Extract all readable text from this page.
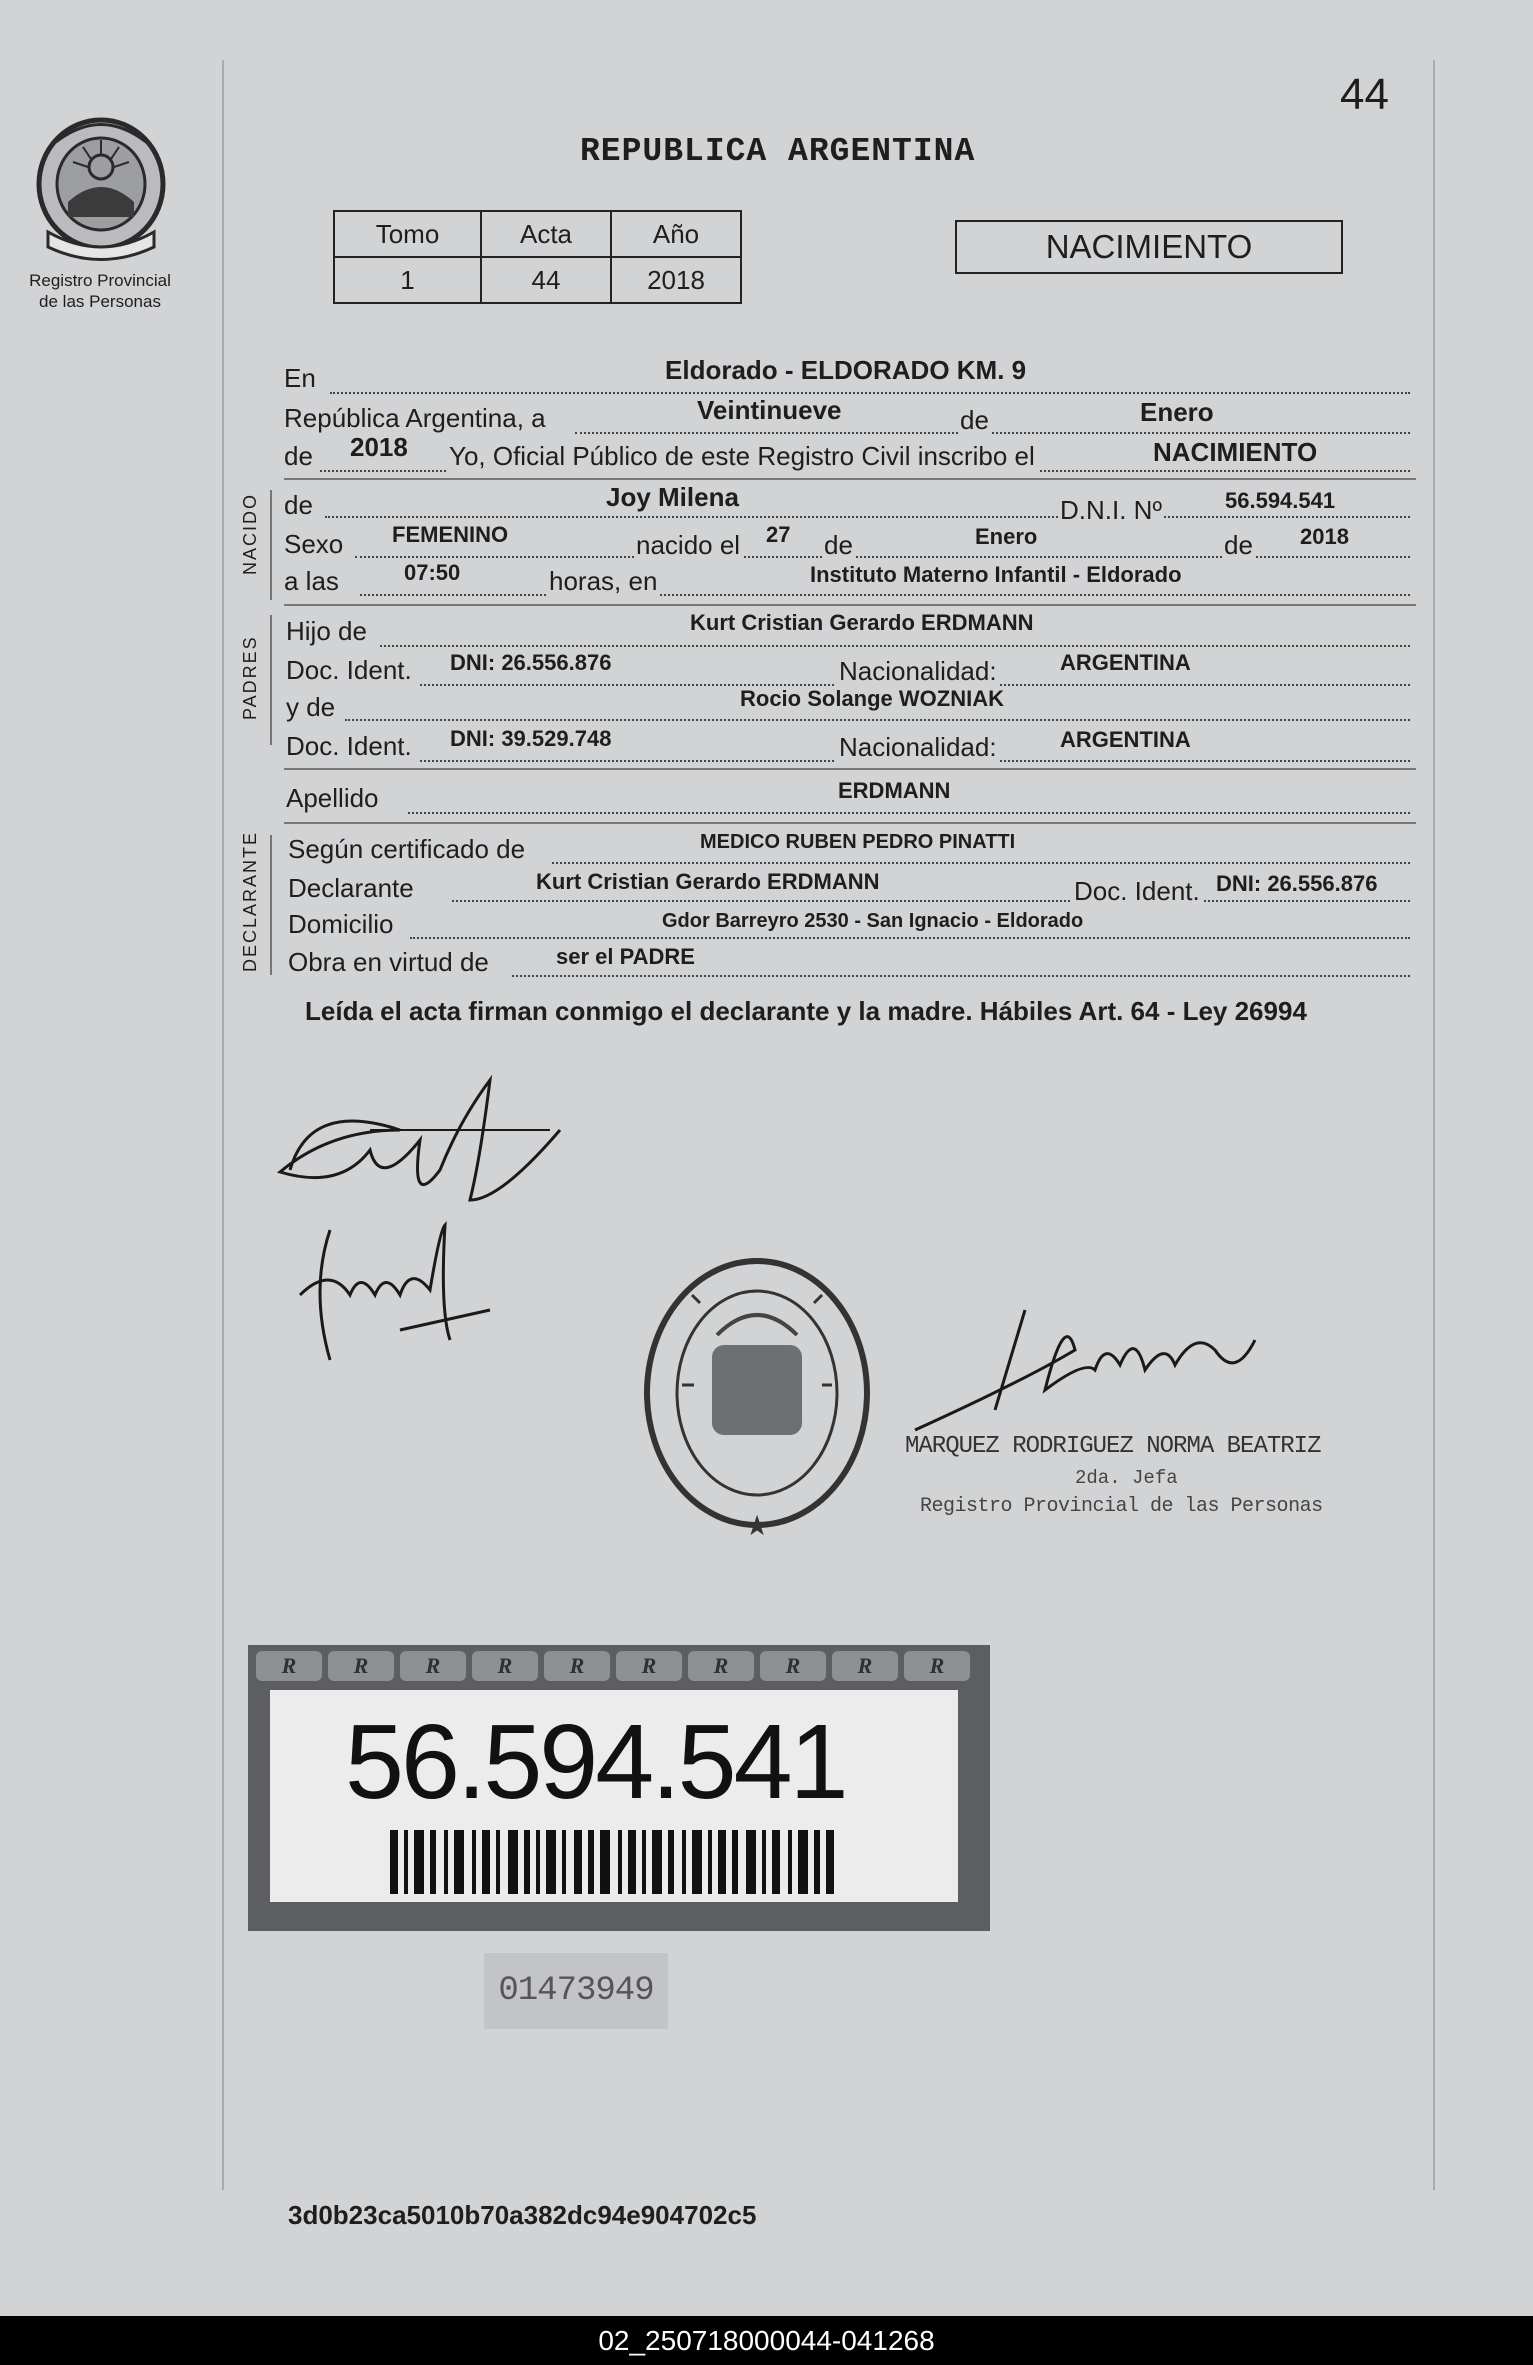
Registro Provincial
de las Personas
44
REPUBLICA ARGENTINA
Tomo	Acta	Año
1	44	2018
NACIMIENTO
En	Eldorado - ELDORADO KM. 9
República Argentina, a	Veintinueve	de	Enero
de 2018 Yo, Oficial Público de este Registro Civil inscribo el	NACIMIENTO
NACIDO de	Joy Milena	D.N.I. Nº	56.594.541
Sexo FEMENINO	nacido el 27 de	Enero	de 2018
a las	07:50	horas, en	Instituto Materno Infantil - Eldorado
PADRES
Hijo de	Kurt Cristian Gerardo ERDMANN
Doc. Ident. DNI: 26.556.876	Nacionalidad:	ARGENTINA
y de	Rocio Solange WOZNIAK
Doc. Ident. DNI: 39.529.748	Nacionalidad:	ARGENTINA
Apellido	ERDMANN
DECLARANTE Según certificado de	MEDICO RUBEN PEDRO PINATTI
Declarante	Kurt Cristian Gerardo ERDMANN	Doc. Ident. DNI: 26.556.876
Domicilio	Gdor Barreyro 2530 - San Ignacio - Eldorado
Obra en virtud de	ser el PADRE
Leída el acta firman conmigo el declarante y la madre. Hábiles Art. 64 - Ley 26994
★
MARQUEZ RODRIGUEZ NORMA BEATRIZ
2da. Jefa
Registro Provincial de las Personas
R	R	R	R	R	R	R	R	R	R
56.594.541
01473949
3d0b23ca5010b70a382dc94e904702c5
02_250718000044-041268
